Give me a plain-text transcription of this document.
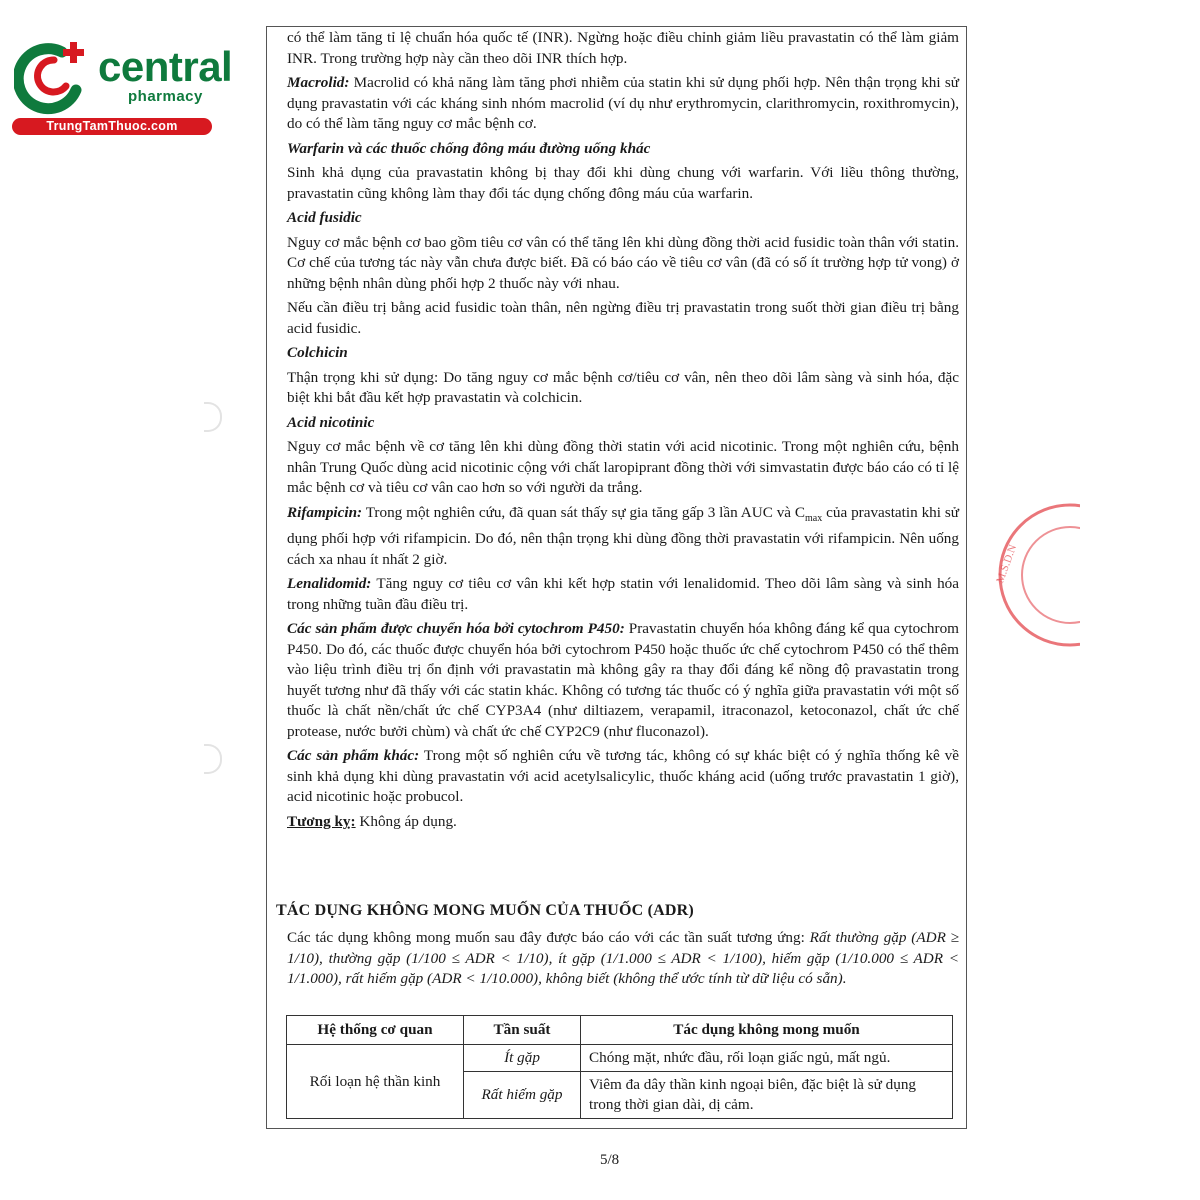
central
pharmacy
TrungTamThuoc.com
M.S.D.N

có thể làm tăng tỉ lệ chuẩn hóa quốc tế (INR). Ngừng hoặc điều chỉnh giảm liều pravastatin có thể làm giảm INR. Trong trường hợp này cần theo dõi INR thích hợp.

Macrolid: Macrolid có khả năng làm tăng phơi nhiễm của statin khi sử dụng phối hợp. Nên thận trọng khi sử dụng pravastatin với các kháng sinh nhóm macrolid (ví dụ như erythromycin, clarithromycin, roxithromycin), do có thể làm tăng nguy cơ mắc bệnh cơ.

Warfarin và các thuốc chống đông máu đường uống khác

Sinh khả dụng của pravastatin không bị thay đổi khi dùng chung với warfarin. Với liều thông thường, pravastatin cũng không làm thay đổi tác dụng chống đông máu của warfarin.

Acid fusidic

Nguy cơ mắc bệnh cơ bao gồm tiêu cơ vân có thể tăng lên khi dùng đồng thời acid fusidic toàn thân với statin. Cơ chế của tương tác này vẫn chưa được biết. Đã có báo cáo về tiêu cơ vân (đã có số ít trường hợp tử vong) ở những bệnh nhân dùng phối hợp 2 thuốc này với nhau.

Nếu cần điều trị bằng acid fusidic toàn thân, nên ngừng điều trị pravastatin trong suốt thời gian điều trị bằng acid fusidic.

Colchicin

Thận trọng khi sử dụng: Do tăng nguy cơ mắc bệnh cơ/tiêu cơ vân, nên theo dõi lâm sàng và sinh hóa, đặc biệt khi bắt đầu kết hợp pravastatin và colchicin.

Acid nicotinic

Nguy cơ mắc bệnh về cơ tăng lên khi dùng đồng thời statin với acid nicotinic. Trong một nghiên cứu, bệnh nhân Trung Quốc dùng acid nicotinic cộng với chất laropiprant đồng thời với simvastatin được báo cáo có tỉ lệ mắc bệnh cơ và tiêu cơ vân cao hơn so với người da trắng.

Rifampicin: Trong một nghiên cứu, đã quan sát thấy sự gia tăng gấp 3 lần AUC và $C_{max}$ của pravastatin khi sử dụng phối hợp với rifampicin. Do đó, nên thận trọng khi dùng đồng thời pravastatin với rifampicin. Nên uống cách xa nhau ít nhất 2 giờ.

Lenalidomid: Tăng nguy cơ tiêu cơ vân khi kết hợp statin với lenalidomid. Theo dõi lâm sàng và sinh hóa trong những tuần đầu điều trị.

Các sản phẩm được chuyển hóa bởi cytochrom P450: Pravastatin chuyển hóa không đáng kể qua cytochrom P450. Do đó, các thuốc được chuyển hóa bởi cytochrom P450 hoặc thuốc ức chế cytochrom P450 có thể thêm vào liệu trình điều trị ổn định với pravastatin mà không gây ra thay đổi đáng kể nồng độ pravastatin trong huyết tương như đã thấy với các statin khác. Không có tương tác thuốc có ý nghĩa giữa pravastatin với một số thuốc là chất nền/chất ức chế CYP3A4 (như diltiazem, verapamil, itraconazol, ketoconazol, chất ức chế protease, nước bưởi chùm) và chất ức chế CYP2C9 (như fluconazol).

Các sản phẩm khác: Trong một số nghiên cứu về tương tác, không có sự khác biệt có ý nghĩa thống kê về sinh khả dụng khi dùng pravastatin với acid acetylsalicylic, thuốc kháng acid (uống trước pravastatin 1 giờ), acid nicotinic hoặc probucol.

Tương kỵ: Không áp dụng.

TÁC DỤNG KHÔNG MONG MUỐN CỦA THUỐC (ADR)
Các tác dụng không mong muốn sau đây được báo cáo với các tần suất tương ứng: Rất thường gặp (ADR ≥ 1/10), thường gặp (1/100 ≤ ADR < 1/10), ít gặp (1/1.000 ≤ ADR < 1/100), hiếm gặp (1/10.000 ≤ ADR < 1/1.000), rất hiếm gặp (ADR < 1/10.000), không biết (không thể ước tính từ dữ liệu có sẵn).
Hệ thống cơ quan	Tần suất	Tác dụng không mong muốn
Rối loạn hệ thần kinh	Ít gặp	Chóng mặt, nhức đầu, rối loạn giấc ngủ, mất ngủ.
	Rất hiếm gặp	Viêm đa dây thần kinh ngoại biên, đặc biệt là sử dụng trong thời gian dài, dị cảm.
5/8
